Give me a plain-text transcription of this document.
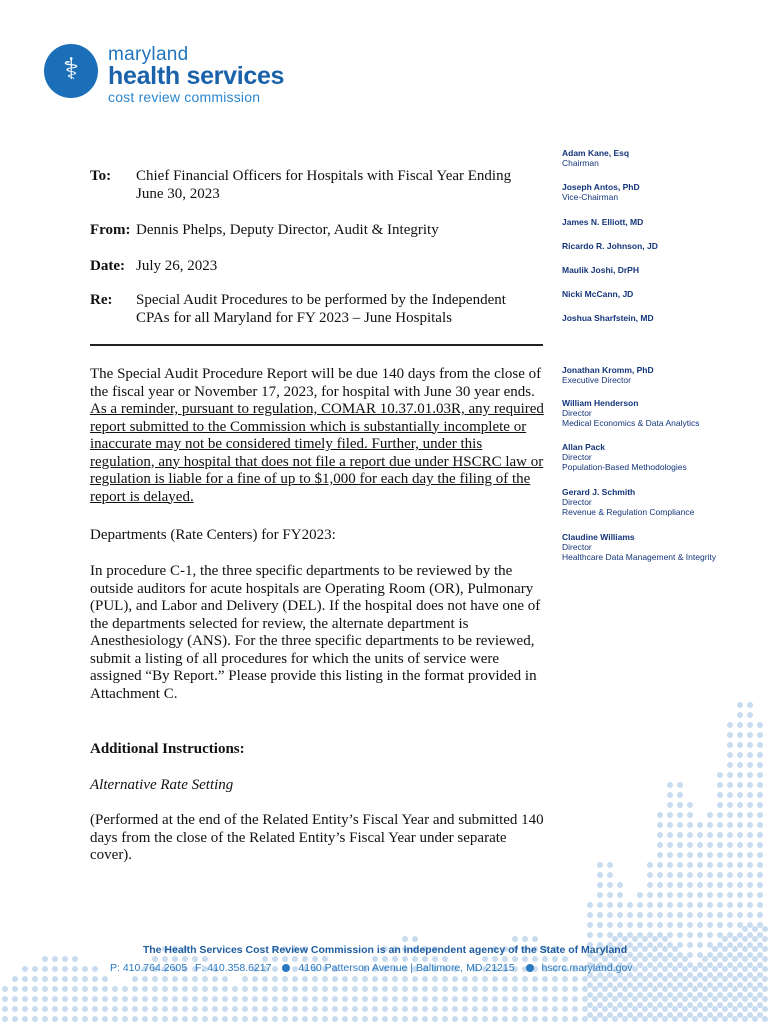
⚕	maryland
health services
cost review commission
To: Chief Financial Officers for Hospitals with Fiscal Year Ending June 30, 2023
From: Dennis Phelps, Deputy Director, Audit & Integrity
Date: July 26, 2023
Re: Special Audit Procedures to be performed by the Independent CPAs for all Maryland for FY 2023 – June Hospitals
The Special Audit Procedure Report will be due 140 days from the close of the fiscal year or November 17, 2023, for hospital with June 30 year ends. As a reminder, pursuant to regulation, COMAR 10.37.01.03R, any required report submitted to the Commission which is substantially incomplete or inaccurate may not be considered timely filed. Further, under this regulation, any hospital that does not file a report due under HSCRC law or regulation is liable for a fine of up to $1,000 for each day the filing of the report is delayed.
Departments (Rate Centers) for FY2023:
In procedure C-1, the three specific departments to be reviewed by the outside auditors for acute hospitals are Operating Room (OR), Pulmonary (PUL), and Labor and Delivery (DEL). If the hospital does not have one of the departments selected for review, the alternate department is Anesthesiology (ANS). For the three specific departments to be reviewed, submit a listing of all procedures for which the units of service were assigned “By Report.” Please provide this listing in the format provided in Attachment C.
Additional Instructions:
Alternative Rate Setting
(Performed at the end of the Related Entity’s Fiscal Year and submitted 140 days from the close of the Related Entity’s Fiscal Year under separate cover).
Adam Kane, Esq
Chairman
Joseph Antos, PhD
Vice-Chairman
James N. Elliott, MD
Ricardo R. Johnson, JD
Maulik Joshi, DrPH
Nicki McCann, JD
Joshua Sharfstein, MD
Jonathan Kromm, PhD
Executive Director
William Henderson
Director
Medical Economics & Data Analytics
Allan Pack
Director
Population-Based Methodologies
Gerard J. Schmith
Director
Revenue & Regulation Compliance
Claudine Williams
Director
Healthcare Data Management & Integrity
The Health Services Cost Review Commission is an independent agency of the State of Maryland
P: 410.764.2605 F: 410.358.6217	4160 Patterson Avenue | Baltimore, MD 21215	hscrc.maryland.gov
